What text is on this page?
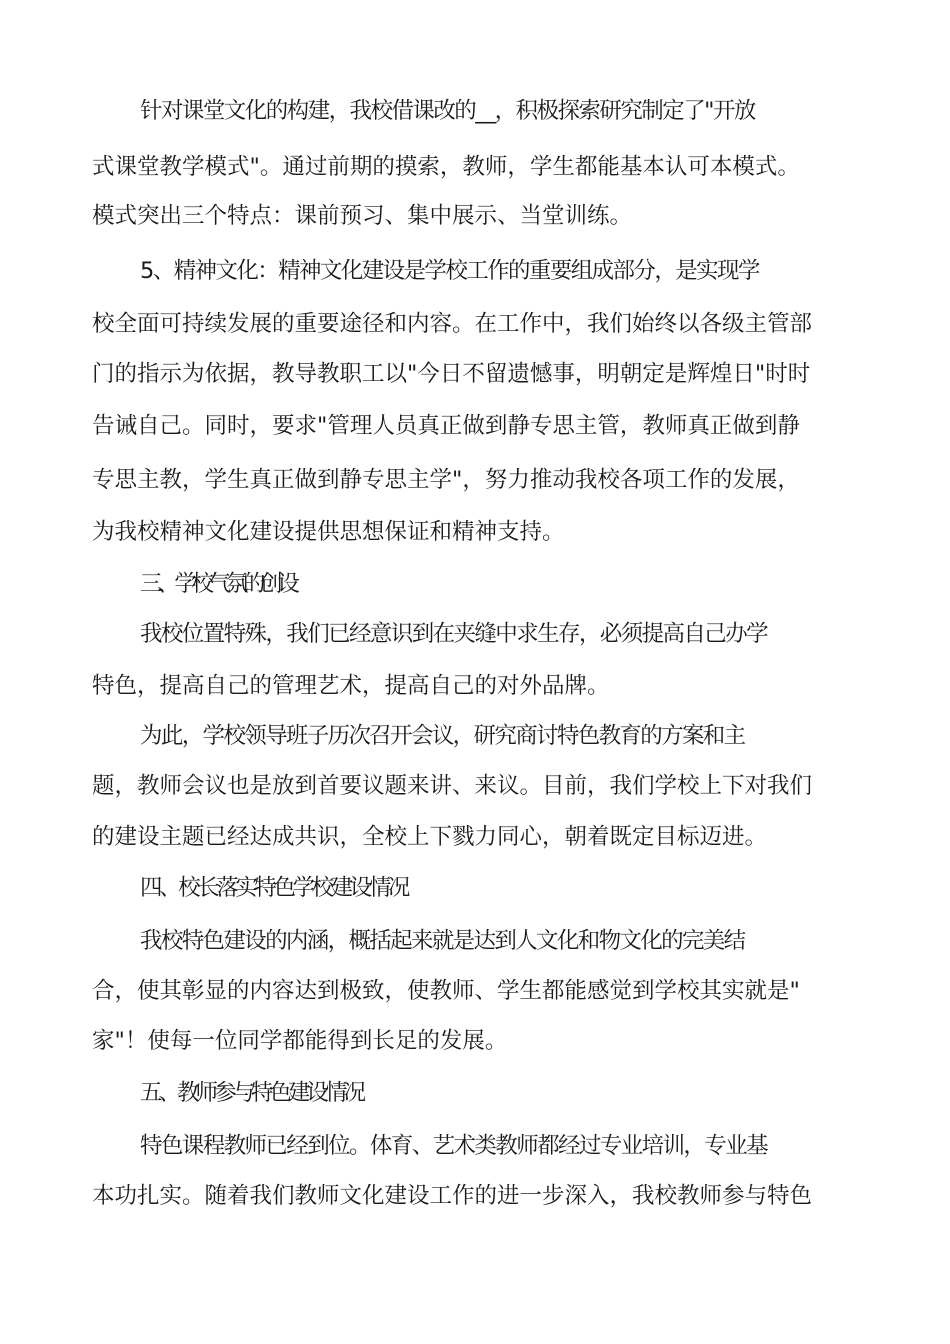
针对课堂文化的构建，我校借课改的__，积极探索研究制定了"开放
式课堂教学模式"。通过前期的摸索，教师，学生都能基本认可本模式。
模式突出三个特点：课前预习、集中展示、当堂训练。
5、精神文化：精神文化建设是学校工作的重要组成部分，是实现学
校全面可持续发展的重要途径和内容。在工作中，我们始终以各级主管部
门的指示为依据，教导教职工以"今日不留遗憾事，明朝定是辉煌日"时时
告诫自己。同时，要求"管理人员真正做到静专思主管，教师真正做到静
专思主教，学生真正做到静专思主学"，努力推动我校各项工作的发展，
为我校精神文化建设提供思想保证和精神支持。
三、学校气氛的创设
我校位置特殊，我们已经意识到在夹缝中求生存，必须提高自己办学
特色，提高自己的管理艺术，提高自己的对外品牌。
为此，学校领导班子历次召开会议，研究商讨特色教育的方案和主
题，教师会议也是放到首要议题来讲、来议。目前，我们学校上下对我们
的建设主题已经达成共识，全校上下戮力同心，朝着既定目标迈进。
四、校长落实特色学校建设情况
我校特色建设的内涵，概括起来就是达到人文化和物文化的完美结
合，使其彰显的内容达到极致，使教师、学生都能感觉到学校其实就是"
家"！使每一位同学都能得到长足的发展。
五、教师参与特色建设情况
特色课程教师已经到位。体育、艺术类教师都经过专业培训，专业基
本功扎实。随着我们教师文化建设工作的进一步深入，我校教师参与特色
